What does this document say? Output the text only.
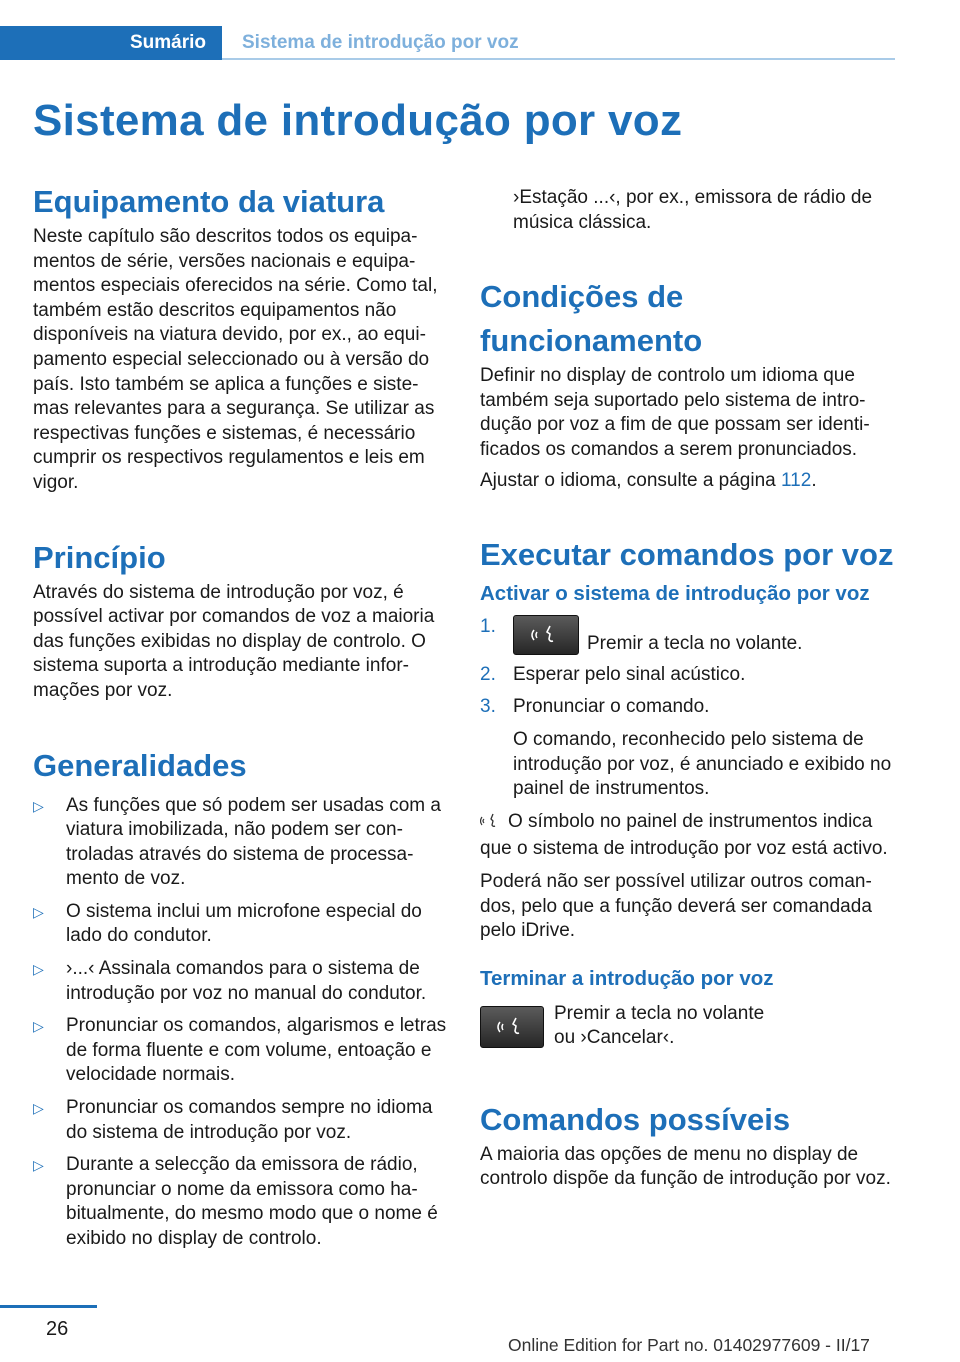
Sumário Sistema de introdução por voz
Sistema de introdução por voz
Equipamento da viatura

Neste capítulo são descritos todos os equipamentos de série, versões nacionais e equipamentos especiais oferecidos na série. Como tal, também estão descritos equipamentos não disponíveis na viatura devido, por ex., ao equipamento especial seleccionado ou à versão do país. Isto também se aplica a funções e sistemas relevantes para a segurança. Se utilizar as respectivas funções e sistemas, é necessário cumprir os respectivos regulamentos e leis em vigor.

Princípio

Através do sistema de introdução por voz, é possível activar por comandos de voz a maioria das funções exibidas no display de controlo. O sistema suporta a introdução mediante informações por voz.

Generalidades
▷ As funções que só podem ser usadas com a viatura imobilizada, não podem ser controladas através do sistema de processamento de voz.
▷ O sistema inclui um microfone especial do lado do condutor.
▷ ›...‹ Assinala comandos para o sistema de introdução por voz no manual do condutor.
▷ Pronunciar os comandos, algarismos e letras de forma fluente e com volume, entoação e velocidade normais.
▷ Pronunciar os comandos sempre no idioma do sistema de introdução por voz.
▷ Durante a selecção da emissora de rádio, pronunciar o nome da emissora como habitualmente, do mesmo modo que o nome é exibido no display de controlo.

›Estação ...‹, por ex., emissora de rádio de música clássica.

Condições de funcionamento

Definir no display de controlo um idioma que também seja suportado pelo sistema de introdução por voz a fim de que possam ser identificados os comandos a serem pronunciados.

Ajustar o idioma, consulte a página 112.

Executar comandos por voz
Activar o sistema de introdução por voz
1.
Premir a tecla no volante.
2. Esperar pelo sinal acústico.
3. Pronunciar o comando.
O comando, reconhecido pelo sistema de introdução por voz, é anunciado e exibido no painel de instrumentos.

O símbolo no painel de instrumentos indica que o sistema de introdução por voz está activo.

Poderá não ser possível utilizar outros comandos, pelo que a função deverá ser comandada pelo iDrive.

Terminar a introdução por voz

Premir a tecla no volante

ou ›Cancelar‹.

Comandos possíveis

A maioria das opções de menu no display de controlo dispõe da função de introdução por voz.

26
Online Edition for Part no. 01402977609 - II/17
